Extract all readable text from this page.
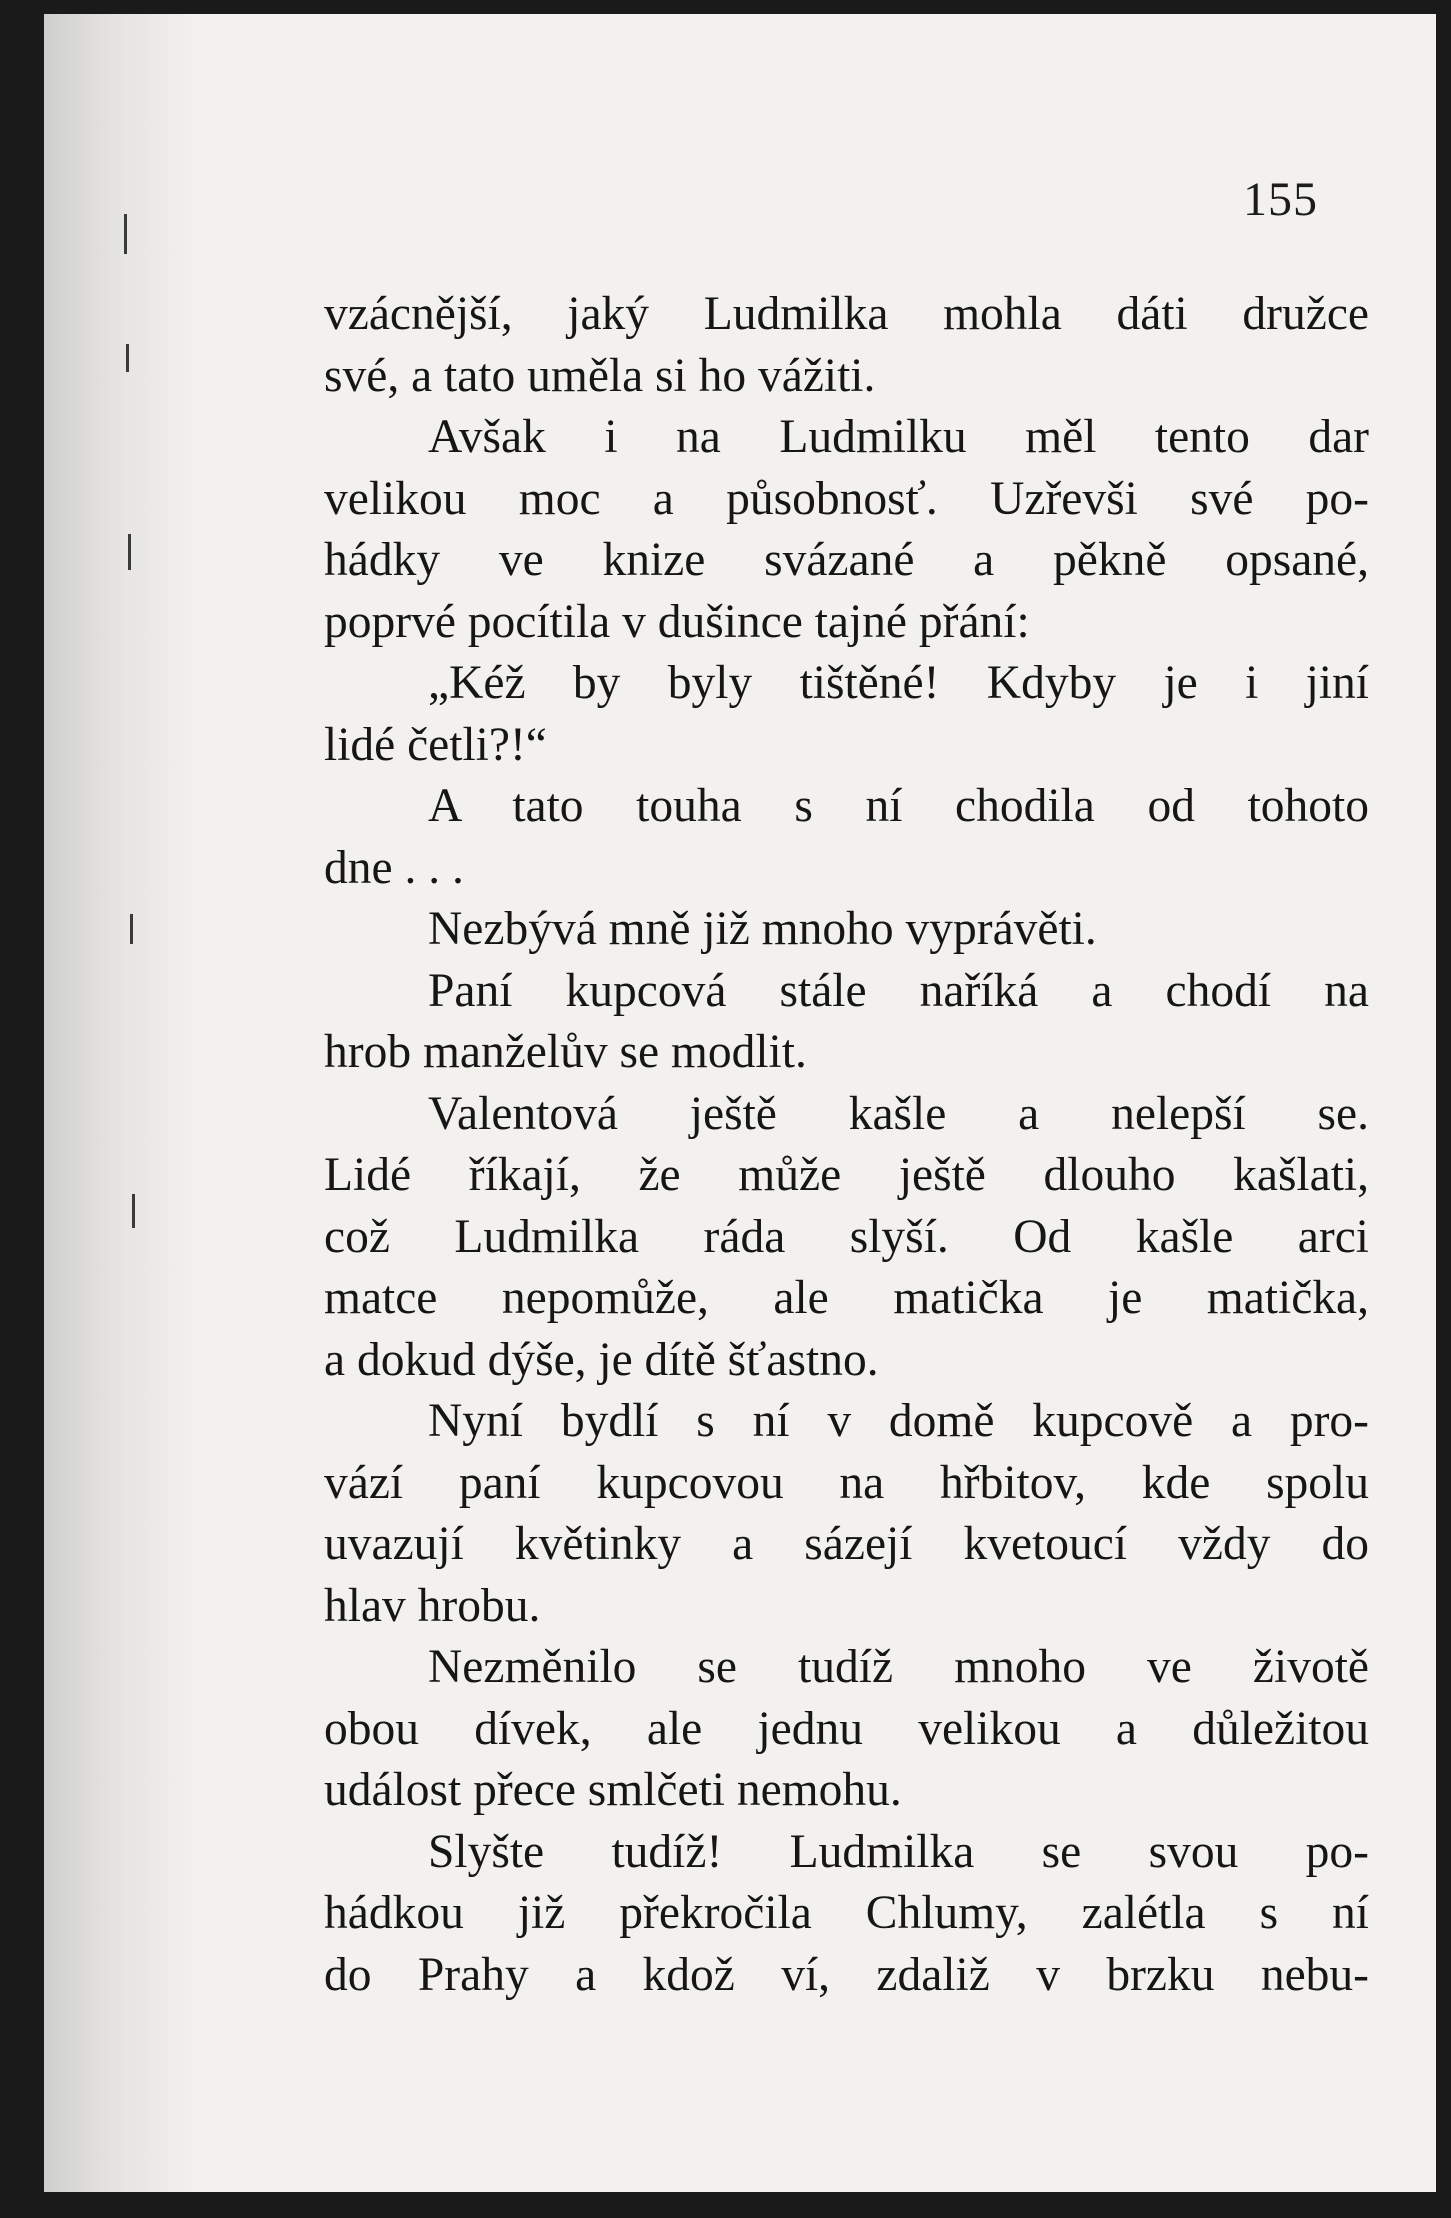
155
vzácnější, jaký Ludmilka mohla dáti družce
své, a tato uměla si ho vážiti.
Avšak i na Ludmilku měl tento dar
velikou moc a působnosť. Uzřevši své po-
hádky ve knize svázané a pěkně opsané,
poprvé pocítila v dušince tajné přání:
„Kéž by byly tištěné! Kdyby je i jiní
lidé četli?!“
A tato touha s ní chodila od tohoto
dne . . .
Nezbývá mně již mnoho vyprávěti.
Paní kupcová stále naříká a chodí na
hrob manželův se modlit.
Valentová ještě kašle a nelepší se.
Lidé říkají, že může ještě dlouho kašlati,
což Ludmilka ráda slyší. Od kašle arci
matce nepomůže, ale matička je matička,
a dokud dýše, je dítě šťastno.
Nyní bydlí s ní v domě kupcově a pro-
vází paní kupcovou na hřbitov, kde spolu
uvazují květinky a sázejí kvetoucí vždy do
hlav hrobu.
Nezměnilo se tudíž mnoho ve životě
obou dívek, ale jednu velikou a důležitou
událost přece smlčeti nemohu.
Slyšte tudíž! Ludmilka se svou po-
hádkou již překročila Chlumy, zalétla s ní
do Prahy a kdož ví, zdaliž v brzku nebu-
